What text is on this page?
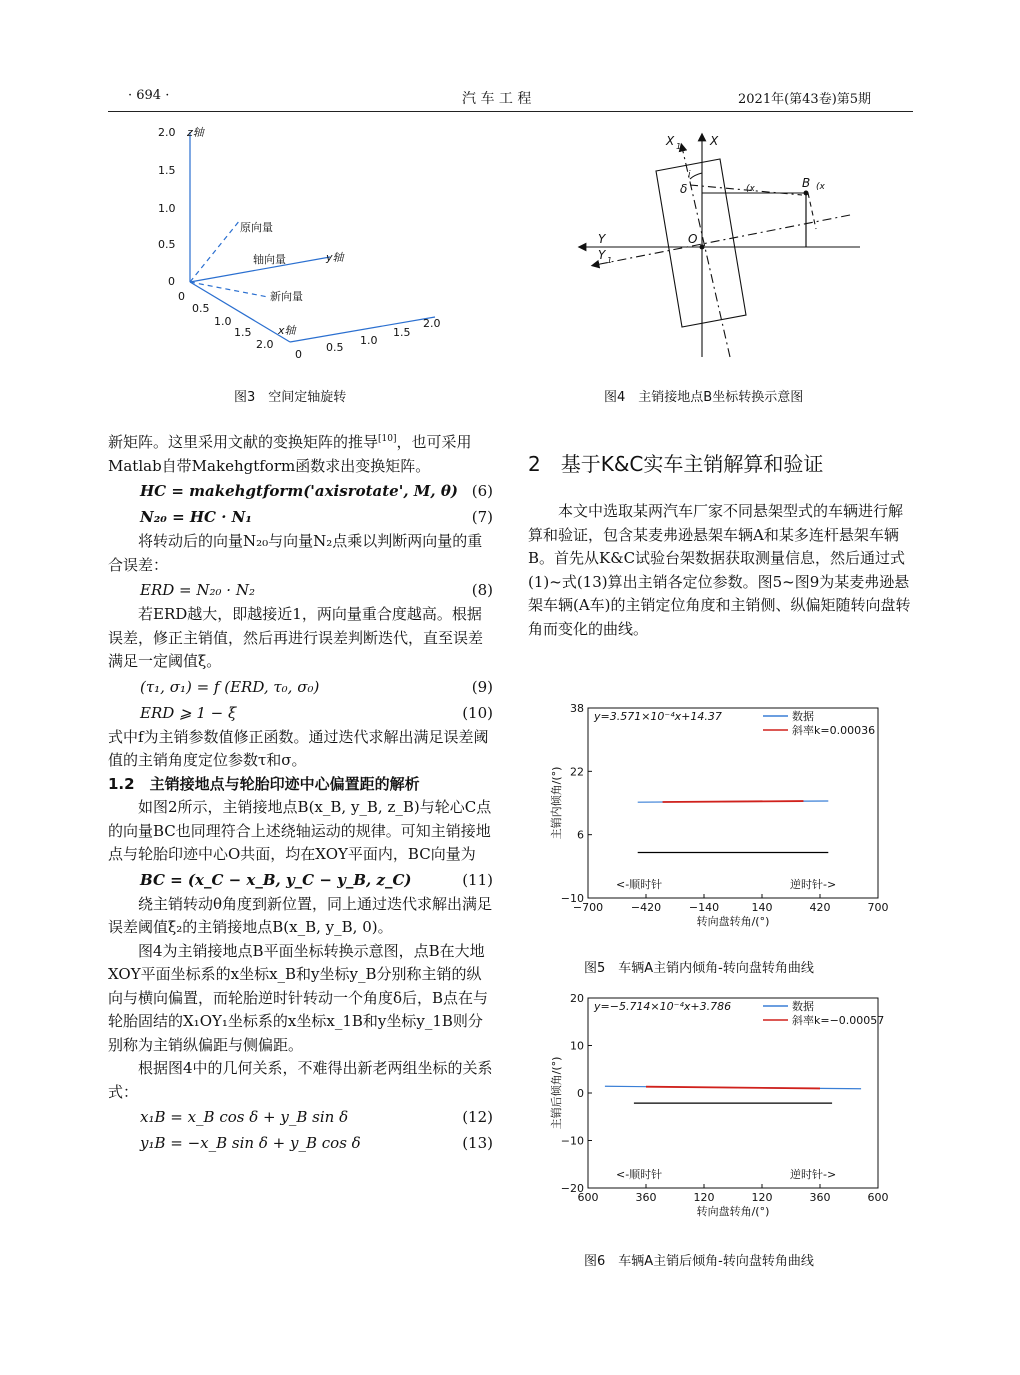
· 694 ·	汽 车 工 程	2021年(第43卷)第5期
2.0
1.5
1.0
0.5
0
z轴
0
0.5
1.0
1.5
2.0
x轴
0
0.5
1.0
1.5
2.0
y轴
原向量
轴向量
新向量
图3　空间定轴旋转
X 1 X
Y
Y 1
O
δ	B
(x	(x
i
图4　主销接地点B坐标转换示意图

新矩阵。这里采用文献的变换矩阵的推导[10]，也可采用Matlab自带Makehgtform函数求出变换矩阵。

HC = makehgtform('axisrotate', M, θ) (6)
N₂₀ = HC · N₁	(7)

将转动后的向量N₂₀与向量N₂点乘以判断两向量的重合误差：

ERD = N₂₀ · N₂	(8)

若ERD越大，即越接近1，两向量重合度越高。根据误差，修正主销值，然后再进行误差判断迭代，直至误差满足一定阈值ξ。

(τ₁, σ₁) = f (ERD, τ₀, σ₀)	(9)
ERD ⩾ 1 − ξ	(10)

式中f为主销参数值修正函数。通过迭代求解出满足误差阈值的主销角度定位参数τ和σ。

1.2　主销接地点与轮胎印迹中心偏置距的解析

如图2所示，主销接地点B(x_B, y_B, z_B)与轮心C点的向量BC也同理符合上述绕轴运动的规律。可知主销接地点与轮胎印迹中心O共面，均在XOY平面内，BC向量为

BC = (x_C − x_B, y_C − y_B, z_C)	(11)

绕主销转动θ角度到新位置，同上通过迭代求解出满足误差阈值ξ₂的主销接地点B(x_B, y_B, 0)。

图4为主销接地点B平面坐标转换示意图，点B在大地XOY平面坐标系的x坐标x_B和y坐标y_B分别称主销的纵向与横向偏置，而轮胎逆时针转动一个角度δ后，B点在与轮胎固结的X₁OY₁坐标系的x坐标x_1B和y坐标y_1B则分别称为主销纵偏距与侧偏距。

根据图4中的几何关系，不难得出新老两组坐标的关系式：

x₁B = x_B cos δ + y_B sin δ	(12)
y₁B = −x_B sin δ + y_B cos δ	(13)
2　基于K&C实车主销解算和验证

本文中选取某两汽车厂家不同悬架型式的车辆进行解算和验证，包含某麦弗逊悬架车辆A和某多连杆悬架车辆B。首先从K&C试验台架数据获取测量信息，然后通过式(1)~式(13)算出主销各定位参数。图5~图9为某麦弗逊悬架车辆(A车)的主销定位角度和主销侧、纵偏矩随转向盘转角而变化的曲线。

38
22
6
−10
−700	−420	−140	140	420	700
转向盘转角/(°)
主销内倾角/(°)
y=3.571×10⁻⁴x+14.37	数据
斜率k=0.00036
<-顺时针	逆时针->
图5　车辆A主销内倾角-转向盘转角曲线
20
10
0
−10
−20
600	360	120	120	360	600
转向盘转角/(°)
主销后倾角/(°)
y=−5.714×10⁻⁴x+3.786	数据
斜率k=−0.00057
<-顺时针	逆时针->
图6　车辆A主销后倾角-转向盘转角曲线
